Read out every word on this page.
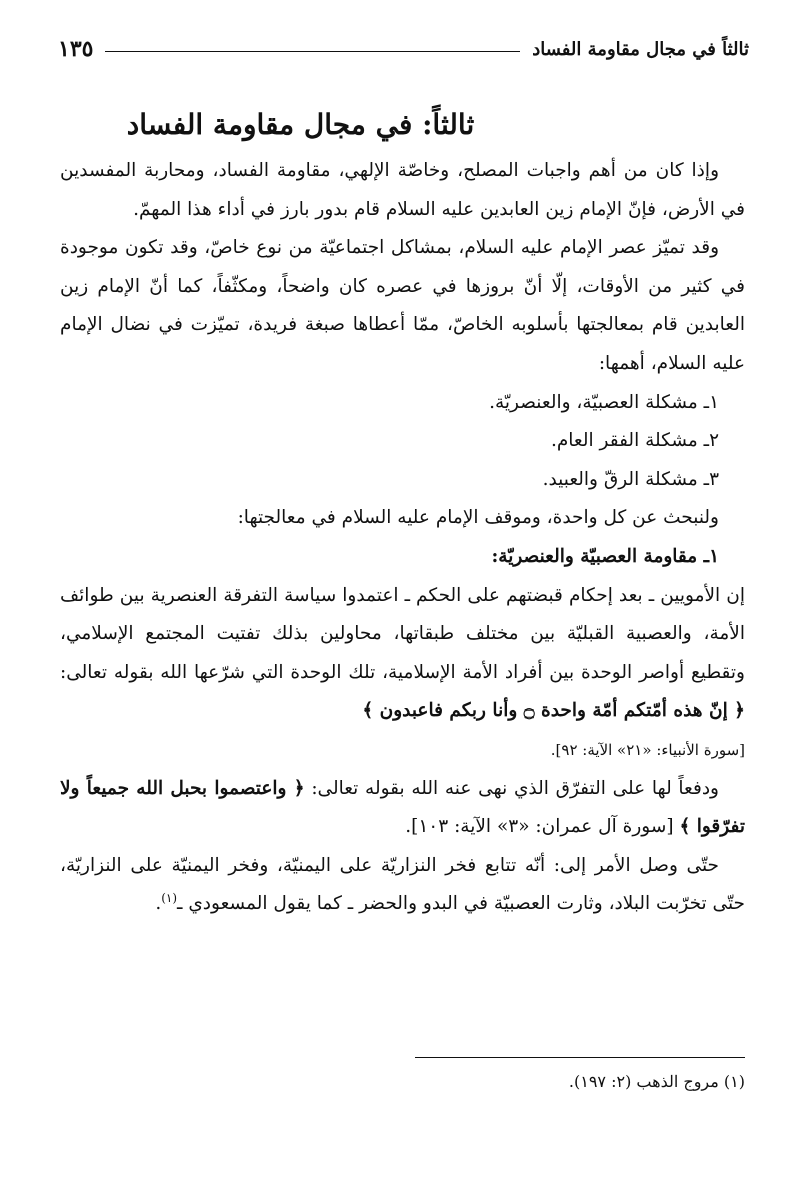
ثالثاً في مجال مقاومة الفساد
١٣٥
ثالثاً: في مجال مقاومة الفساد

وإذا كان من أهم واجبات المصلح، وخاصّة الإلهي، مقاومة الفساد، ومحاربة المفسدين في الأرض، فإنّ الإمام زين العابدين عليه السلام قام بدور بارز في أداء هذا المهمّ.

وقد تميّز عصر الإمام عليه السلام، بمشاكل اجتماعيّة من نوع خاصّ، وقد تكون موجودة في كثير من الأوقات، إلّا أنّ بروزها في عصره كان واضحاً، ومكثّفاً، كما أنّ الإمام زين العابدين قام بمعالجتها بأسلوبه الخاصّ، ممّا أعطاها صبغة فريدة، تميّزت في نضال الإمام عليه السلام، أهمها:

١ـ مشكلة العصبيّة، والعنصريّة.

٢ـ مشكلة الفقر العام.

٣ـ مشكلة الرقّ والعبيد.

ولنبحث عن كل واحدة، وموقف الإمام عليه السلام في معالجتها:

١ـ مقاومة العصبيّة والعنصريّة:

إن الأمويين ـ بعد إحكام قبضتهم على الحكم ـ اعتمدوا سياسة التفرقة العنصرية بين طوائف الأمة، والعصبية القبليّة بين مختلف طبقاتها، محاولين بذلك تفتيت المجتمع الإسلامي، وتقطيع أواصر الوحدة بين أفراد الأمة الإسلامية، تلك الوحدة التي شرّعها الله بقوله تعالى: ﴿ إنّ هذه أمّتكم أمّة واحدة ۝ وأنا ربكم فاعبدون ﴾

[سورة الأنبياء: «٢١» الآية: ٩٢].

ودفعاً لها على التفرّق الذي نهى عنه الله بقوله تعالى: ﴿ واعتصموا بحبل الله جميعاً ولا تفرّقوا ﴾ [سورة آل عمران: «٣» الآية: ١٠٣].

حتّى وصل الأمر إلى: أنّه تتابع فخر النزاريّة على اليمنيّة، وفخر اليمنيّة على النزاريّة، حتّى تخرّبت البلاد، وثارت العصبيّة في البدو والحضر ـ كما يقول المسعودي ـ$^{(١)}$.

(١) مروج الذهب (٢: ١٩٧).
